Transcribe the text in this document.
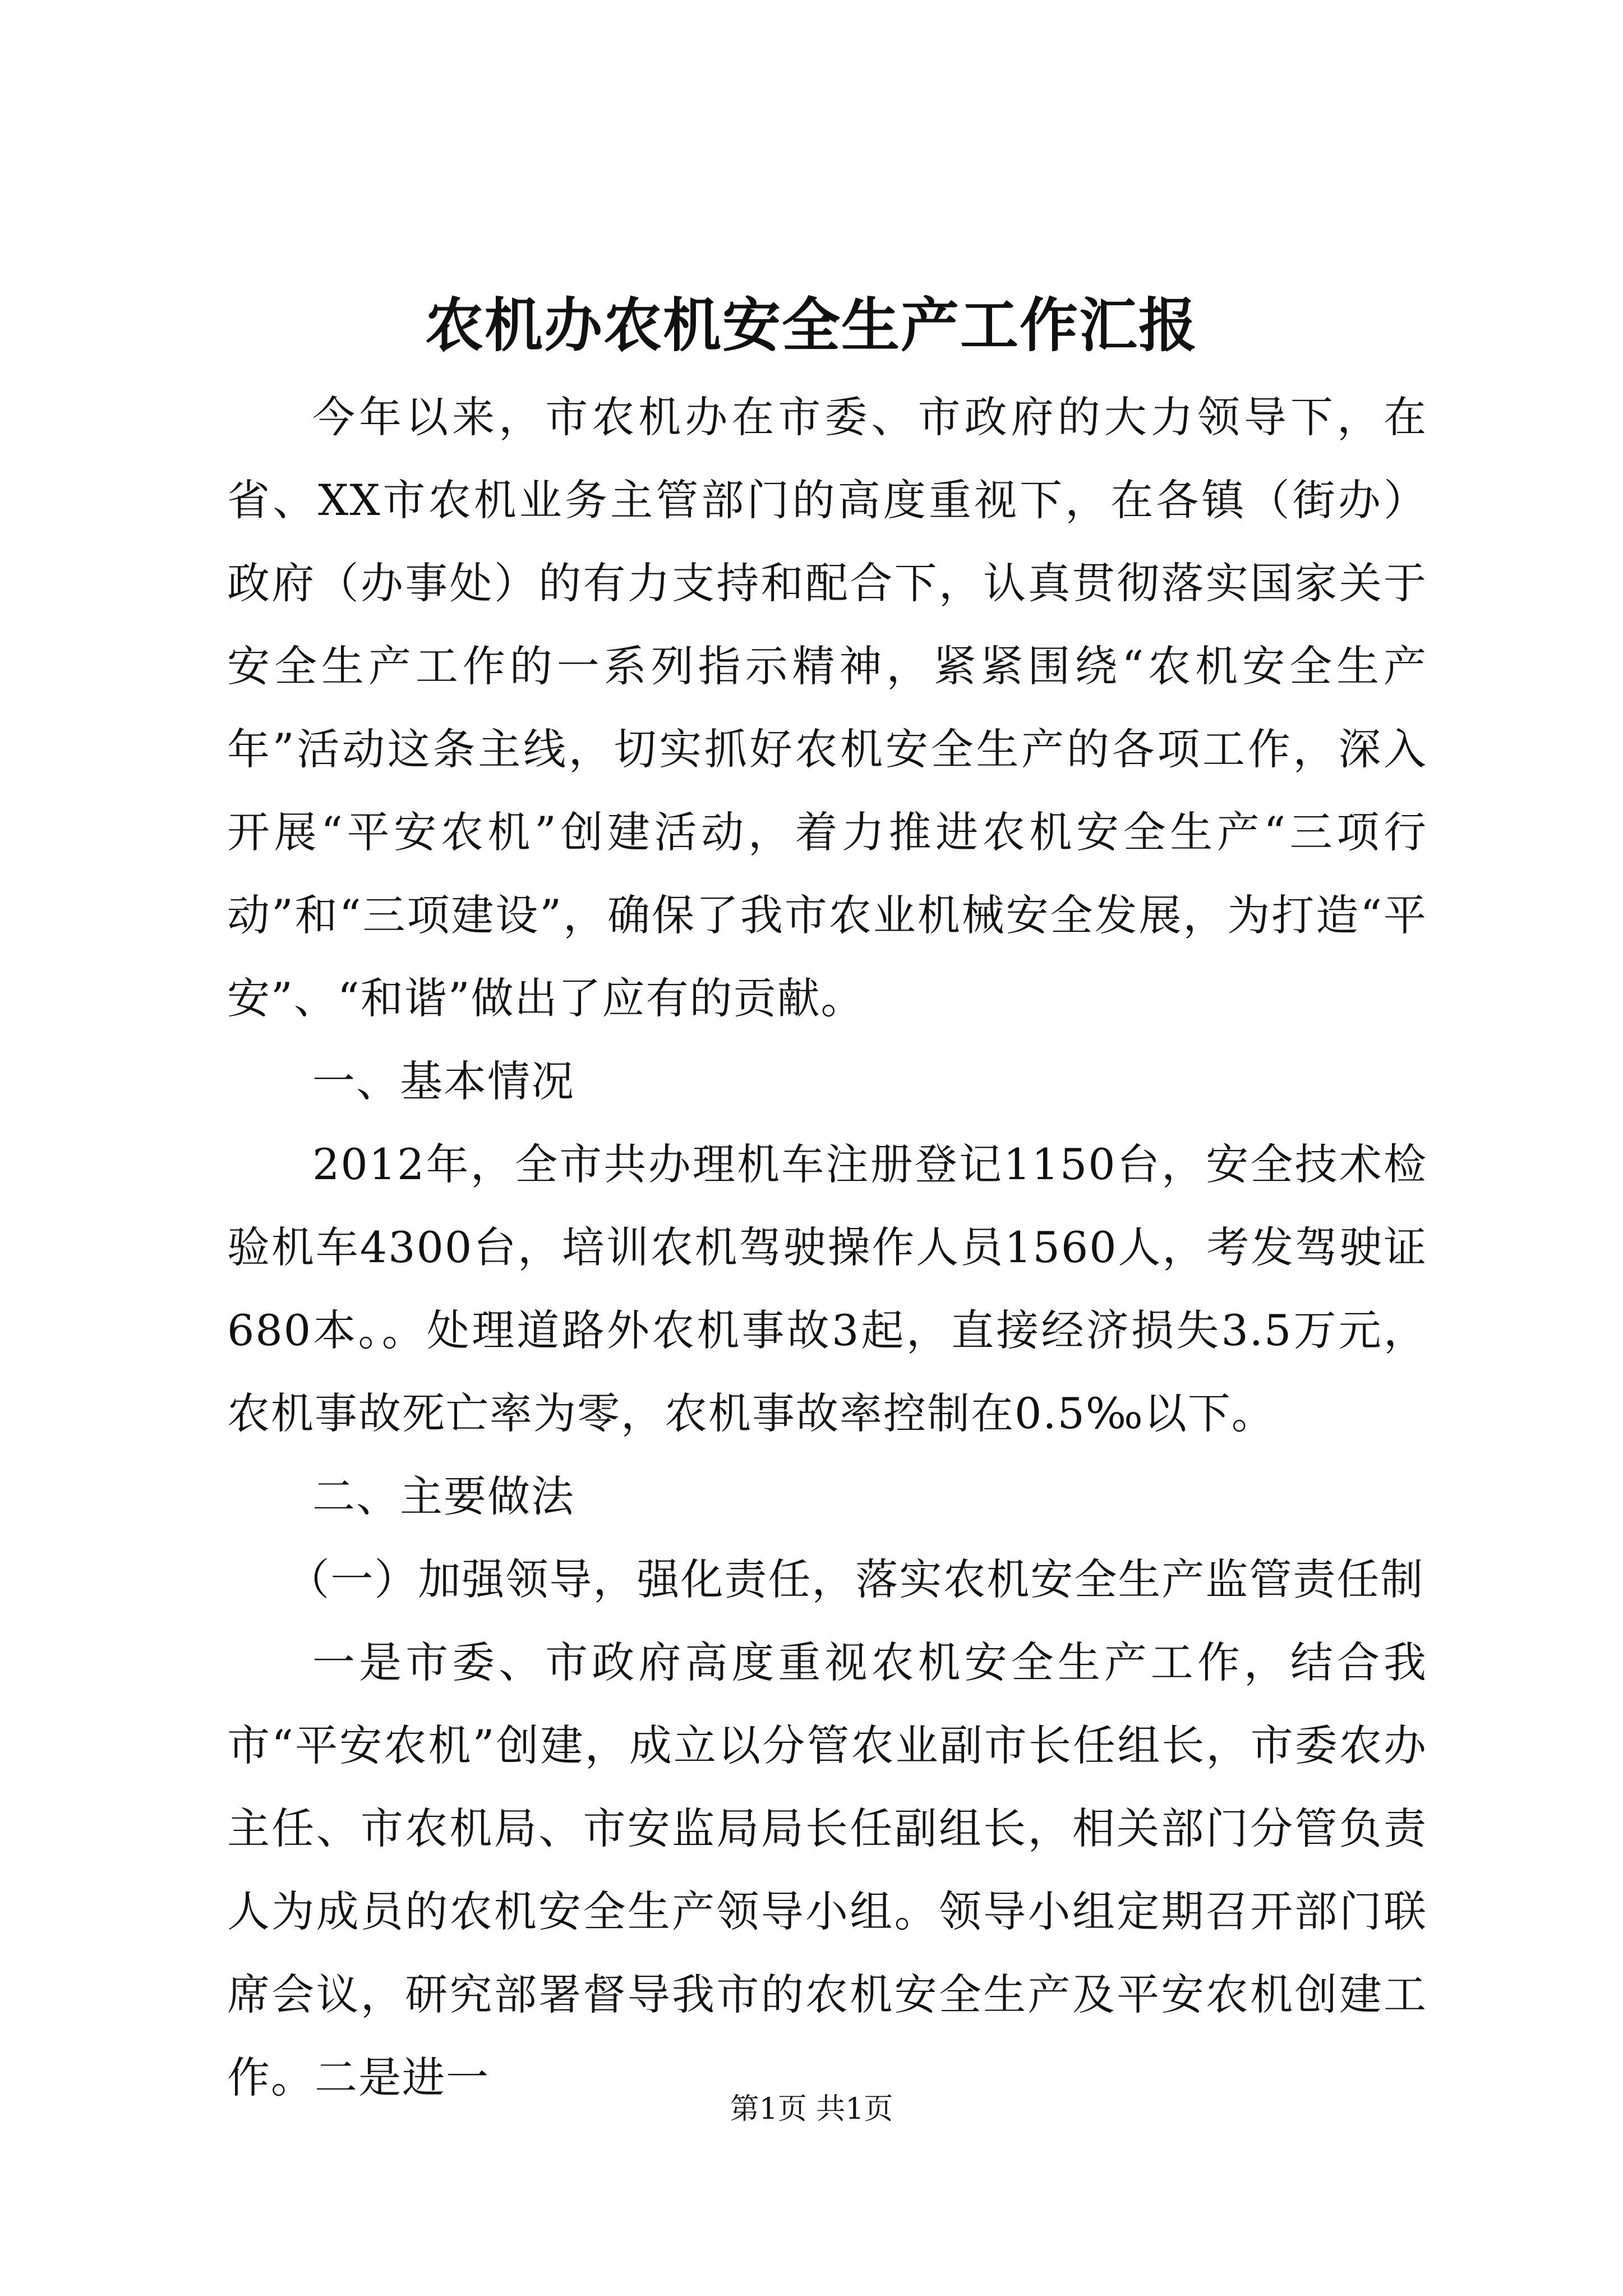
农机办农机安全生产工作汇报

今年以来，市农机办在市委、市政府的大力领导下，在省、XX市农机业务主管部门的高度重视下，在各镇（街办）政府（办事处）的有力支持和配合下，认真贯彻落实国家关于安全生产工作的一系列指示精神，紧紧围绕“农机安全生产年”活动这条主线，切实抓好农机安全生产的各项工作，深入开展“平安农机”创建活动，着力推进农机安全生产“三项行动”和“三项建设”，确保了我市农业机械安全发展，为打造“平安”、“和谐”做出了应有的贡献。

一、基本情况

2012年，全市共办理机车注册登记1150台，安全技术检验机车4300台，培训农机驾驶操作人员1560人，考发驾驶证680本。。处理道路外农机事故3起，直接经济损失3.5万元，农机事故死亡率为零，农机事故率控制在0.5‰以下。

二、主要做法

（一）加强领导，强化责任，落实农机安全生产监管责任制

一是市委、市政府高度重视农机安全生产工作，结合我市“平安农机”创建，成立以分管农业副市长任组长，市委农办主任、市农机局、市安监局局长任副组长，相关部门分管负责人为成员的农机安全生产领导小组。领导小组定期召开部门联席会议，研究部署督导我市的农机安全生产及平安农机创建工作。二是进一

第1页 共1页
